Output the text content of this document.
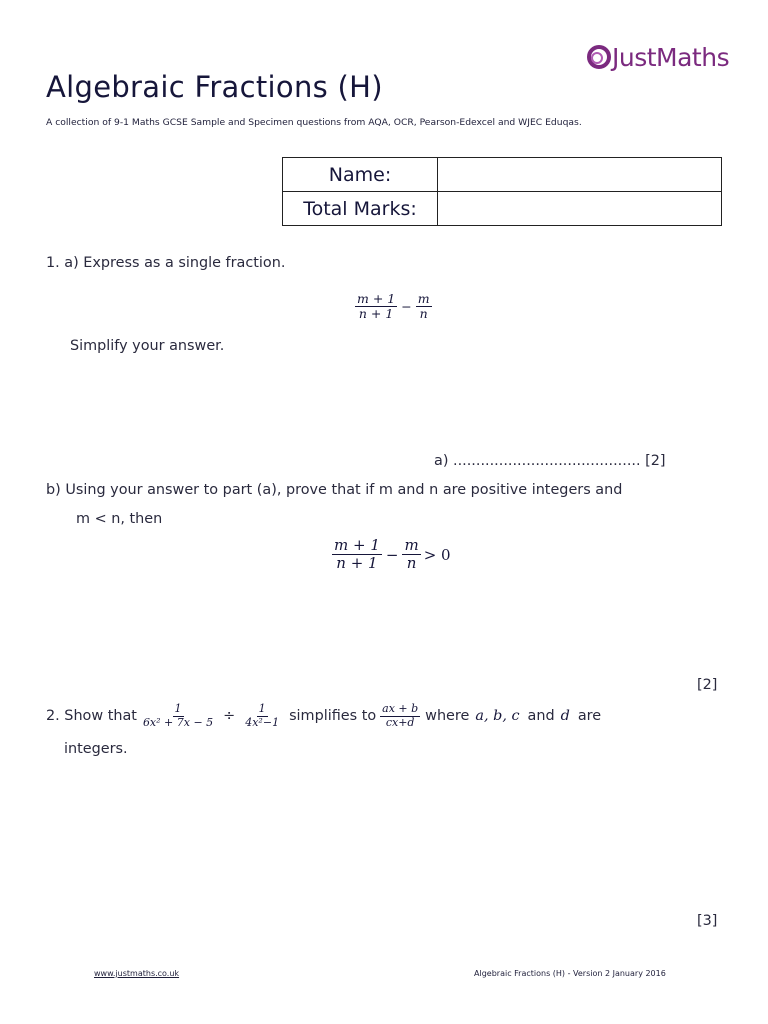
JustMaths
Algebraic Fractions (H)
A collection of 9-1 Maths GCSE Sample and Specimen questions from AQA, OCR, Pearson-Edexcel and WJEC Eduqas.
Name:	
Total Marks:	
1. a) Express as a single fraction.
$\frac{m + 1}{n + 1} - \frac{m}{n}$
Simplify your answer.
a) ......................................... [2]
b) Using your answer to part (a), prove that if m and n are positive integers and
m < n, then
$\frac{m + 1}{n + 1} - \frac{m}{n} > 0$
[2]
2. Show that $\frac{1}{\text{6x² + 7x − 5}} \div \frac{1}{\text{4x²−1}}$ simplifies to $\frac{ax + b}{cx+d}$ where a, b, c and d are
integers.
[3]
www.justmaths.co.uk	Algebraic Fractions (H) - Version 2 January 2016
